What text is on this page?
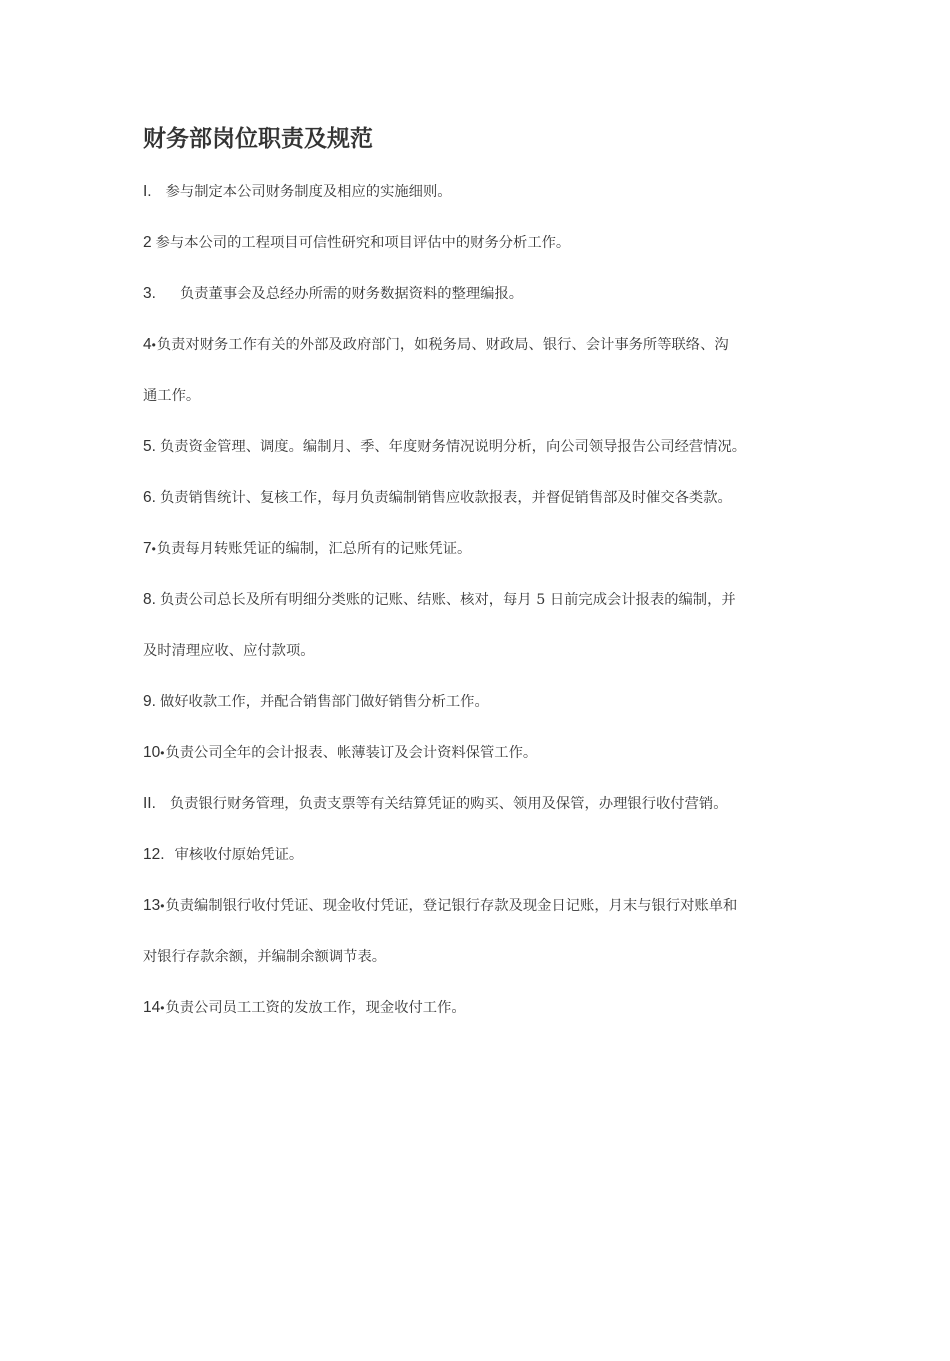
财务部岗位职责及规范
I. 参与制定本公司财务制度及相应的实施细则。
2 参与本公司的工程项目可信性研究和项目评估中的财务分析工作。
3. 负责董事会及总经办所需的财务数据资料的整理编报。
4•负责对财务工作有关的外部及政府部门，如税务局、财政局、银行、会计事务所等联络、沟
通工作。
5. 负责资金管理、调度。编制月、季、年度财务情况说明分析，向公司领导报告公司经营情况。
6. 负责销售统计、复核工作，每月负责编制销售应收款报表，并督促销售部及时催交各类款。
7•负责每月转账凭证的编制，汇总所有的记账凭证。
8. 负责公司总长及所有明细分类账的记账、结账、核对，每月 5 日前完成会计报表的编制，并
及时清理应收、应付款项。
9. 做好收款工作，并配合销售部门做好销售分析工作。
10•负责公司全年的会计报表、帐薄装订及会计资料保管工作。
II. 负责银行财务管理，负责支票等有关结算凭证的购买、领用及保管，办理银行收付营销。
12. 审核收付原始凭证。
13•负责编制银行收付凭证、现金收付凭证，登记银行存款及现金日记账，月末与银行对账单和
对银行存款余额，并编制余额调节表。
14•负责公司员工工资的发放工作，现金收付工作。
